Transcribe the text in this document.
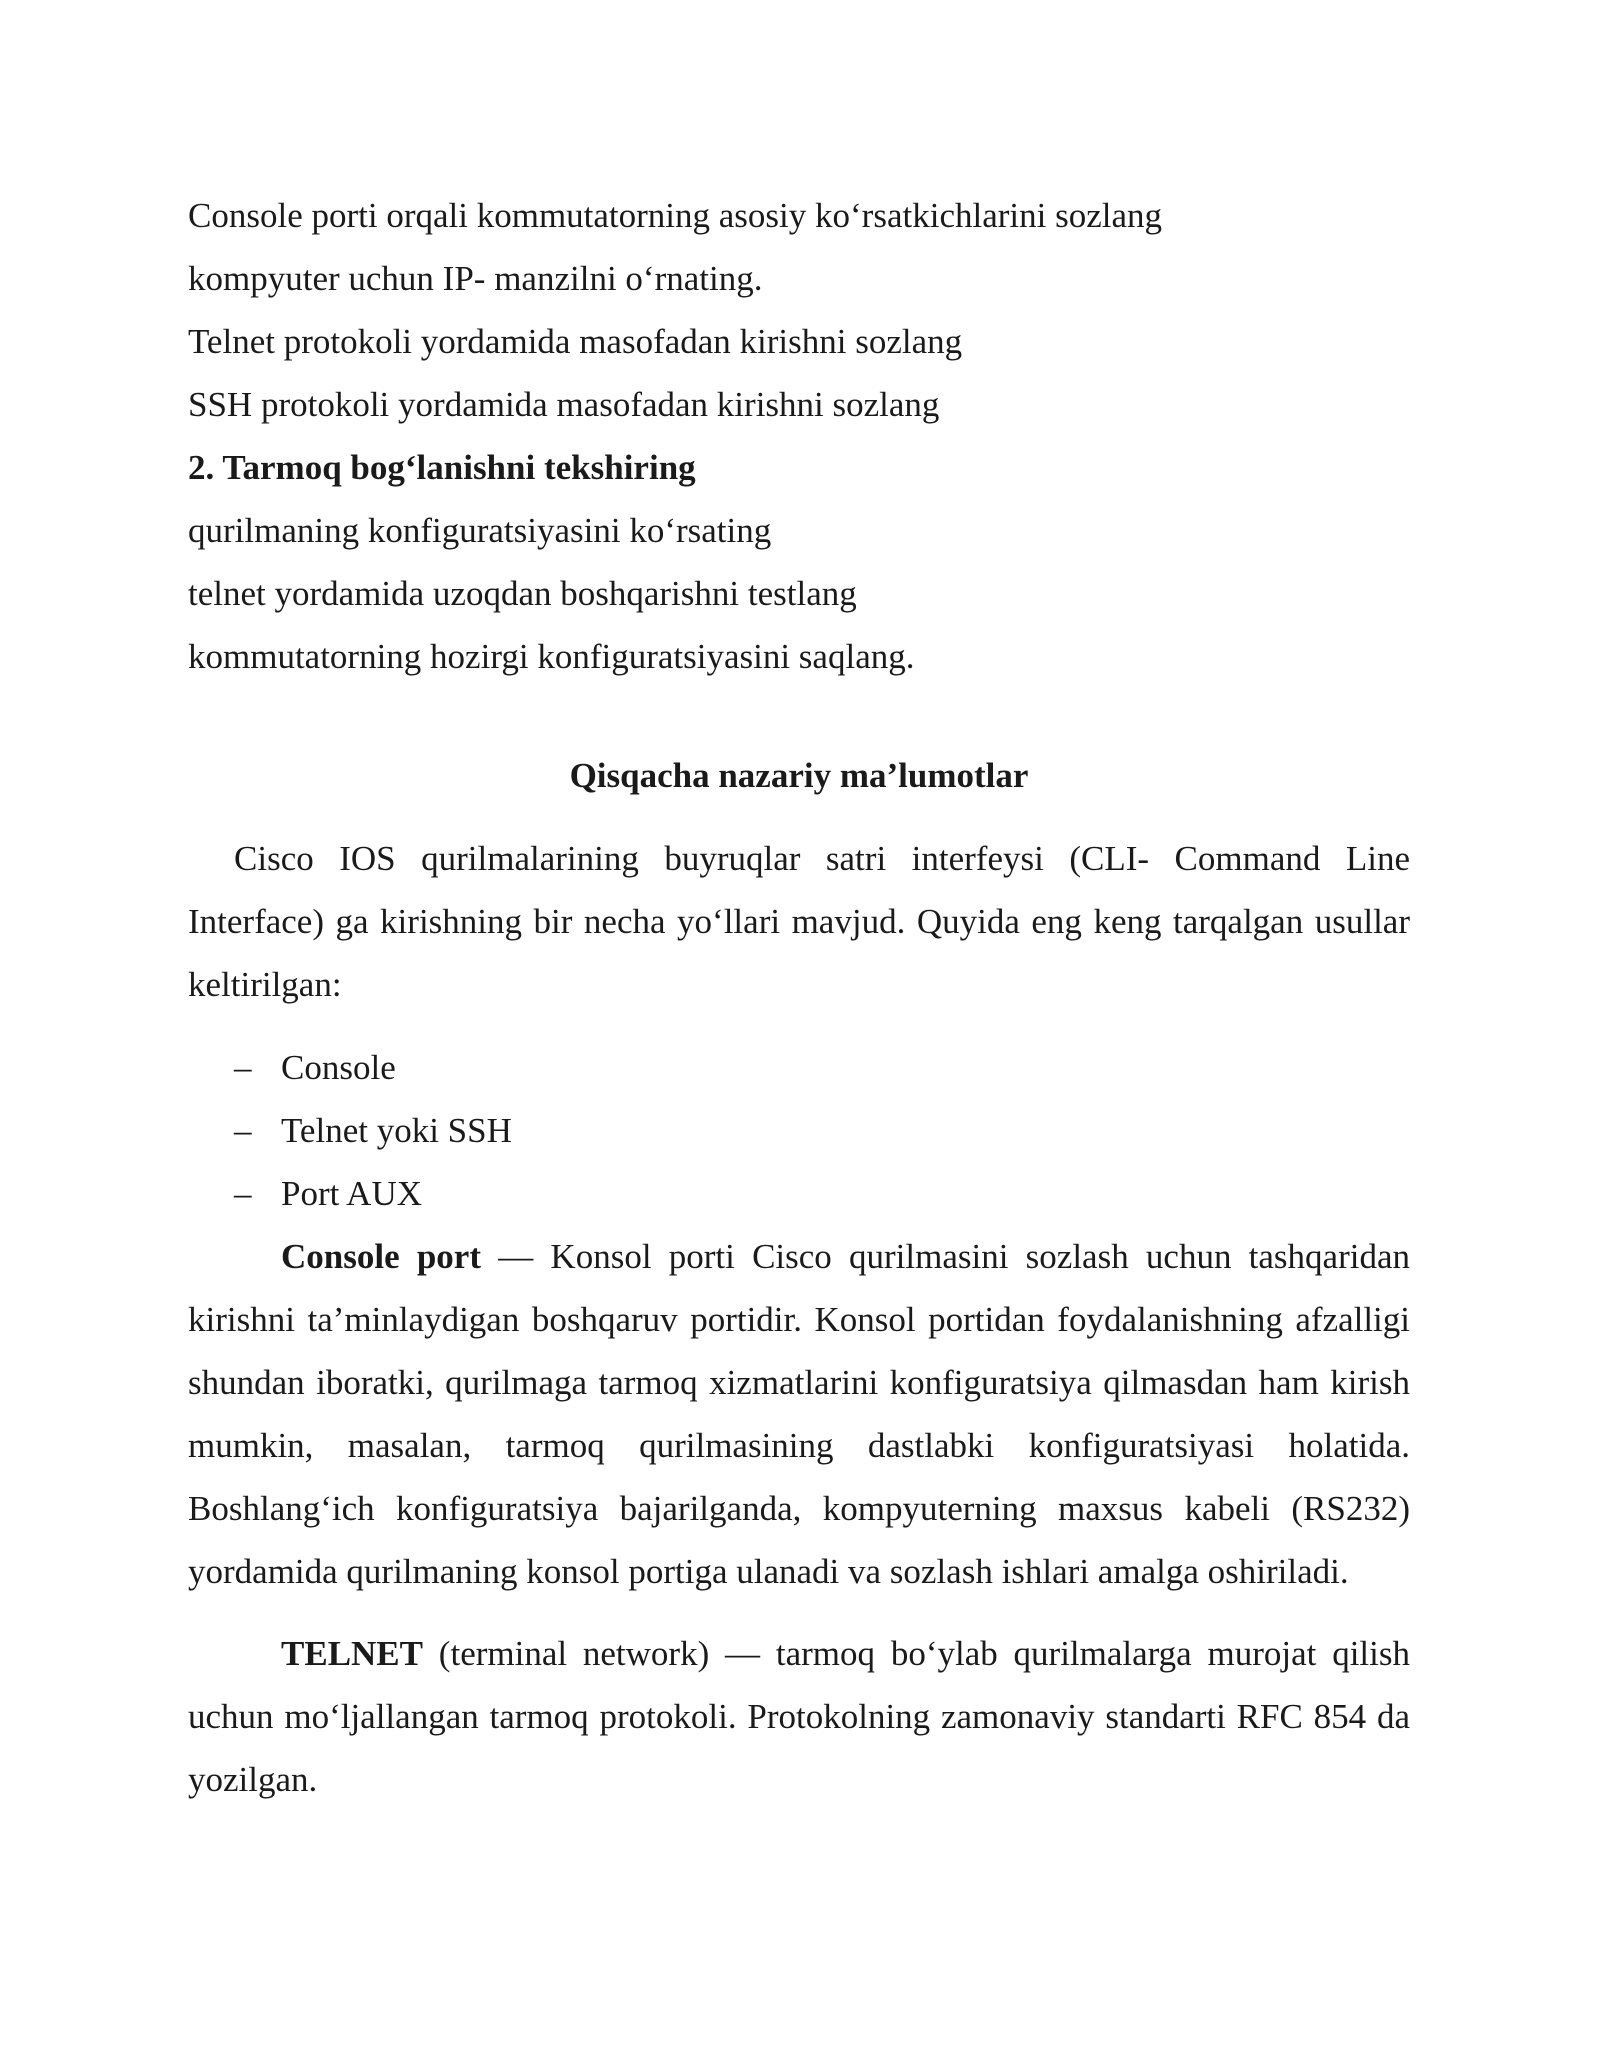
Console porti orqali kommutatorning asosiy ko‘rsatkichlarini sozlang
kompyuter uchun IP- manzilni o‘rnating.
Telnet protokoli yordamida masofadan kirishni sozlang
SSH protokoli yordamida masofadan kirishni sozlang
2. Tarmoq bog‘lanishni tekshiring
qurilmaning konfiguratsiyasini ko‘rsating
telnet yordamida uzoqdan boshqarishni testlang
kommutatorning hozirgi konfiguratsiyasini saqlang.
Qisqacha nazariy ma’lumotlar
Cisco IOS qurilmalarining buyruqlar satri interfeysi (CLI- Command Line Interface) ga kirishning bir necha yo‘llari mavjud. Quyida eng keng tarqalgan usullar keltirilgan:
– Console
– Telnet yoki SSH
– Port AUX
Console port — Konsol porti Cisco qurilmasini sozlash uchun tashqaridan kirishni ta’minlaydigan boshqaruv portidir. Konsol portidan foydalanishning afzalligi shundan iboratki, qurilmaga tarmoq xizmatlarini konfiguratsiya qilmasdan ham kirish mumkin, masalan, tarmoq qurilmasining dastlabki konfiguratsiyasi holatida. Boshlang‘ich konfiguratsiya bajarilganda, kompyuterning maxsus kabeli (RS232) yordamida qurilmaning konsol portiga ulanadi va sozlash ishlari amalga oshiriladi.
TELNET (terminal network) — tarmoq bo‘ylab qurilmalarga murojat qilish uchun mo‘ljallangan tarmoq protokoli. Protokolning zamonaviy standarti RFC 854 da yozilgan.
